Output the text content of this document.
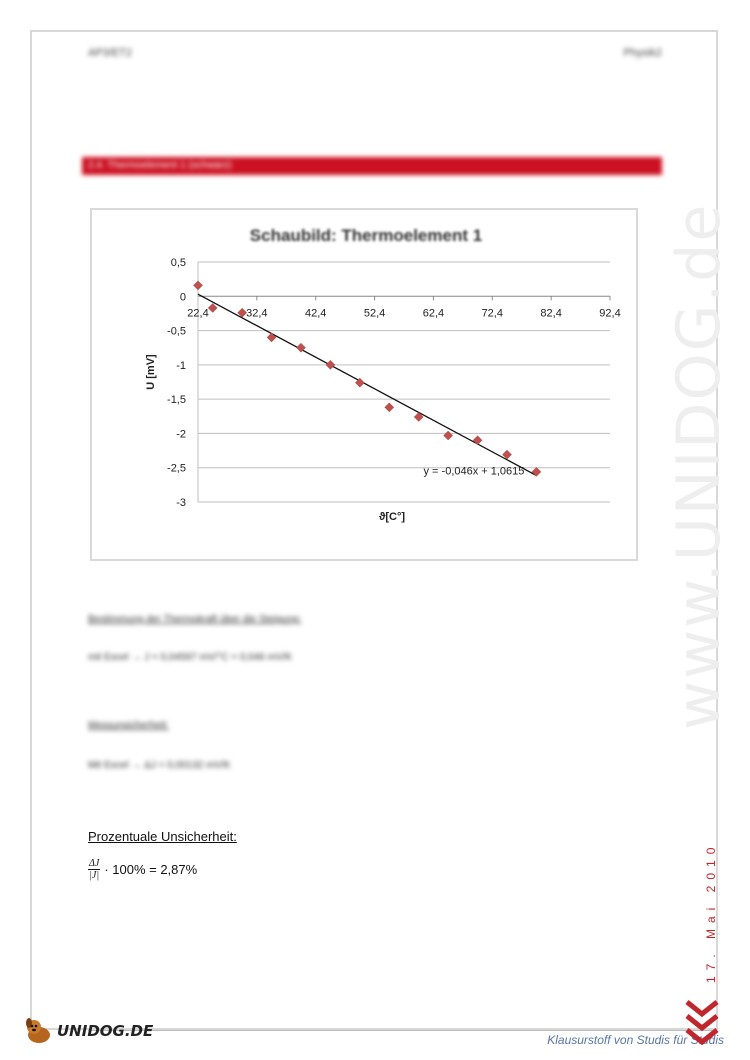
www.UNIDOG.de
AP3/ET2	Physik2
2.4. Thermoelement 1 (schwarz)
Schaubild: Thermoelement 1
0,5
0
-0,5
-1
-1,5
-2
-2,5
-3
22,4	32,4	42,4	52,4	62,4	72,4	82,4	92,4
y = -0,046x + 1,0615
ϑ[C°]
U [mV]
Bestimmung der Thermokraft über die Steigung:
mit Excel → J = 0,04597 mV/°C = 0,046 mV/K
Messunsicherheit:
Mit Excel → ΔJ = 0,00132 mV/K
Prozentuale Unsicherheit:
$\frac{\Delta J}{|J|} \cdot 100\% = 2,87\%$	17. Mai 2010
UNIDOG.DE	Klausurstoff von Studis für Studis
